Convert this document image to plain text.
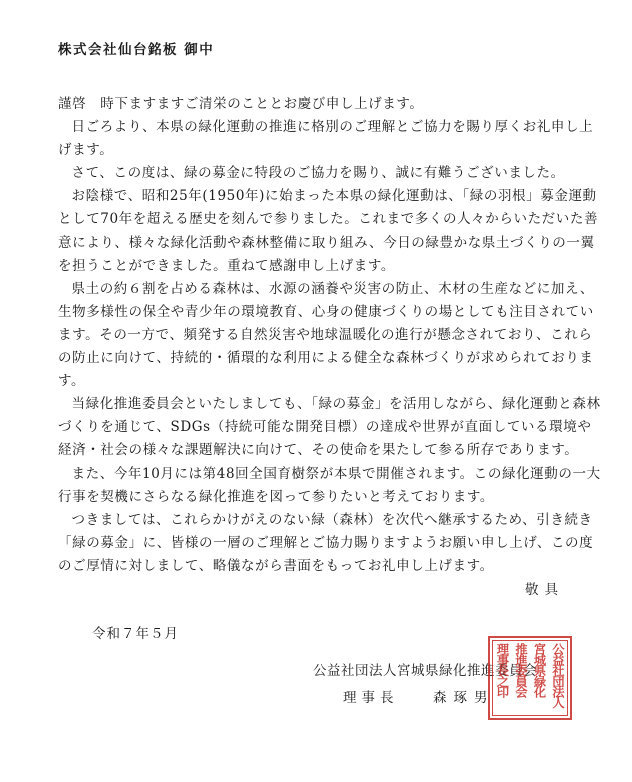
株式会社仙台銘板 御中

謹啓　時下ますますご清栄のこととお慶び申し上げます。

日ごろより、本県の緑化運動の推進に格別のご理解とご協力を賜り厚くお礼申し上げます。

さて、この度は、緑の募金に特段のご協力を賜り、誠に有難うございました。

お陰様で、昭和25年(1950年)に始まった本県の緑化運動は、「緑の羽根」募金運動として70年を超える歴史を刻んで参りました。これまで多くの人々からいただいた善意により、様々な緑化活動や森林整備に取り組み、今日の緑豊かな県土づくりの一翼を担うことができました。重ねて感謝申し上げます。

県土の約６割を占める森林は、水源の涵養や災害の防止、木材の生産などに加え、生物多様性の保全や青少年の環境教育、心身の健康づくりの場としても注目されています。その一方で、頻発する自然災害や地球温暖化の進行が懸念されており、これらの防止に向けて、持続的・循環的な利用による健全な森林づくりが求められております。

当緑化推進委員会といたしましても、「緑の募金」を活用しながら、緑化運動と森林づくりを通じて、SDGs（持続可能な開発目標）の達成や世界が直面している環境や経済・社会の様々な課題解決に向けて、その使命を果たして参る所存であります。

また、今年10月には第48回全国育樹祭が本県で開催されます。この緑化運動の一大行事を契機にさらなる緑化推進を図って参りたいと考えております。

つきましては、これらかけがえのない緑（森林）を次代へ継承するため、引き続き「緑の募金」に、皆様の一層のご理解とご協力賜りますようお願い申し上げ、この度のご厚情に対しまして、略儀ながら書面をもってお礼申し上げます。

敬具
令和７年５月
公益社団法人宮城県緑化推進委員会
理事長	森琢男	公益社団法人
宮城県緑化
推進委員会
理事長之印
